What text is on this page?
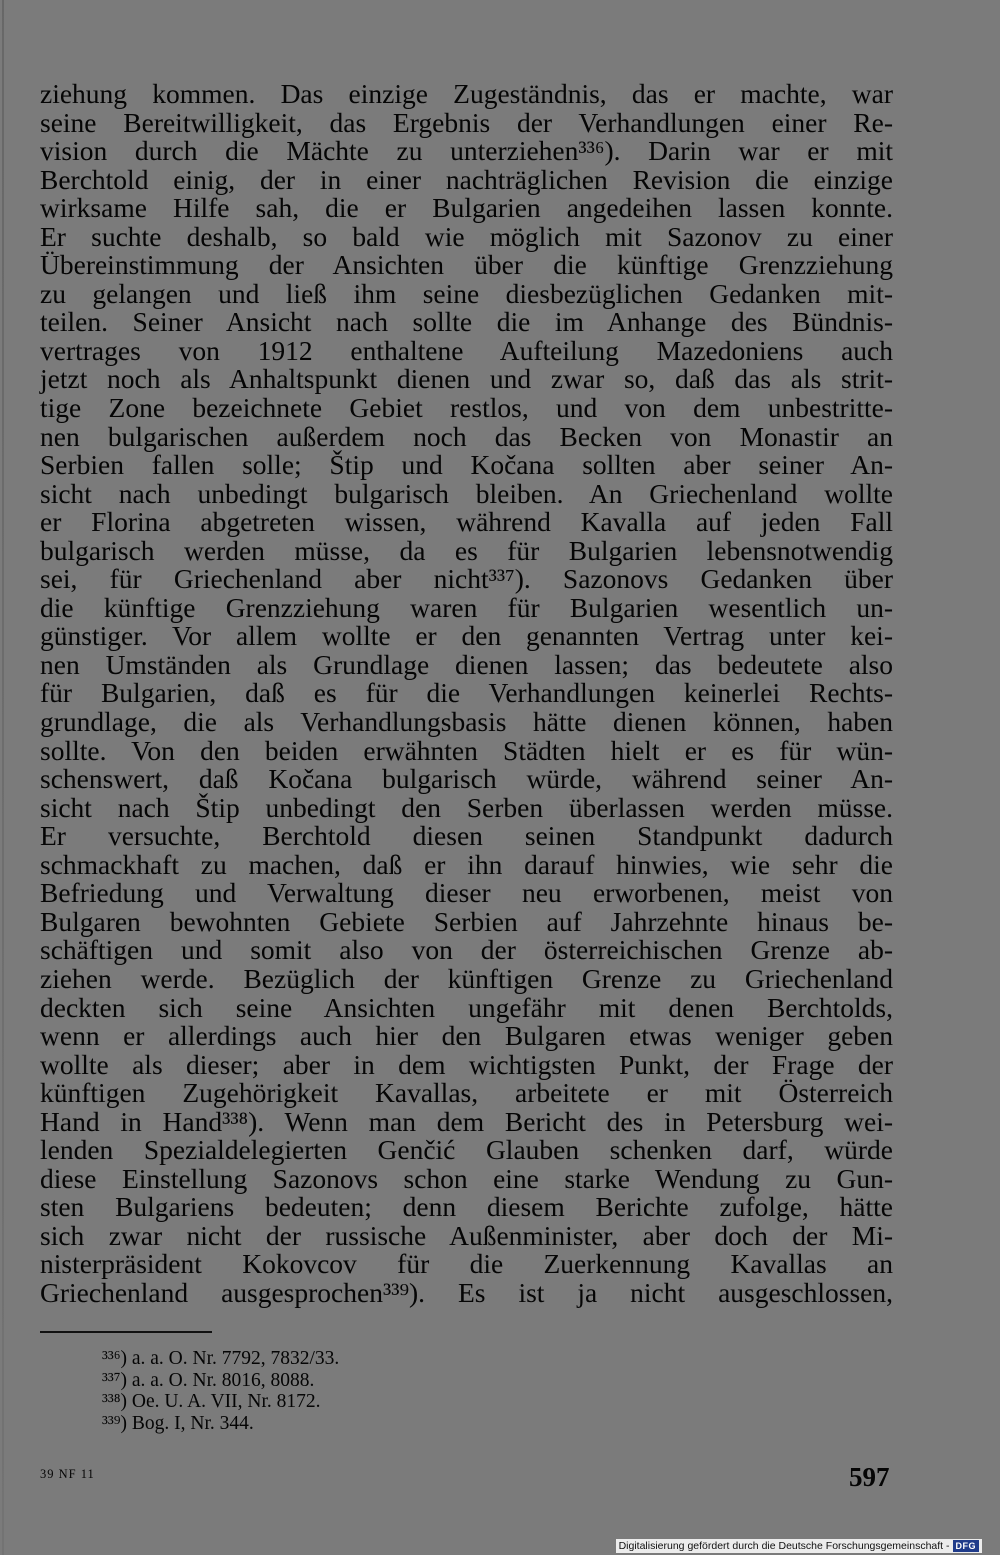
ziehung kommen. Das einzige Zugeständnis, das er machte, war
seine Bereitwilligkeit, das Ergebnis der Verhandlungen einer Re-
vision durch die Mächte zu unterziehen³³⁶). Darin war er mit
Berchtold einig, der in einer nachträglichen Revision die einzige
wirksame Hilfe sah, die er Bulgarien angedeihen lassen konnte.
Er suchte deshalb, so bald wie möglich mit Sazonov zu einer
Übereinstimmung der Ansichten über die künftige Grenzziehung
zu gelangen und ließ ihm seine diesbezüglichen Gedanken mit-
teilen. Seiner Ansicht nach sollte die im Anhange des Bündnis-
vertrages von 1912 enthaltene Aufteilung Mazedoniens auch
jetzt noch als Anhaltspunkt dienen und zwar so, daß das als strit-
tige Zone bezeichnete Gebiet restlos, und von dem unbestritte-
nen bulgarischen außerdem noch das Becken von Monastir an
Serbien fallen solle; Štip und Kočana sollten aber seiner An-
sicht nach unbedingt bulgarisch bleiben. An Griechenland wollte
er Florina abgetreten wissen, während Kavalla auf jeden Fall
bulgarisch werden müsse, da es für Bulgarien lebensnotwendig
sei, für Griechenland aber nicht³³⁷). Sazonovs Gedanken über
die künftige Grenzziehung waren für Bulgarien wesentlich un-
günstiger. Vor allem wollte er den genannten Vertrag unter kei-
nen Umständen als Grundlage dienen lassen; das bedeutete also
für Bulgarien, daß es für die Verhandlungen keinerlei Rechts-
grundlage, die als Verhandlungsbasis hätte dienen können, haben
sollte. Von den beiden erwähnten Städten hielt er es für wün-
schenswert, daß Kočana bulgarisch würde, während seiner An-
sicht nach Štip unbedingt den Serben überlassen werden müsse.
Er versuchte, Berchtold diesen seinen Standpunkt dadurch
schmackhaft zu machen, daß er ihn darauf hinwies, wie sehr die
Befriedung und Verwaltung dieser neu erworbenen, meist von
Bulgaren bewohnten Gebiete Serbien auf Jahrzehnte hinaus be-
schäftigen und somit also von der österreichischen Grenze ab-
ziehen werde. Bezüglich der künftigen Grenze zu Griechenland
deckten sich seine Ansichten ungefähr mit denen Berchtolds,
wenn er allerdings auch hier den Bulgaren etwas weniger geben
wollte als dieser; aber in dem wichtigsten Punkt, der Frage der
künftigen Zugehörigkeit Kavallas, arbeitete er mit Österreich
Hand in Hand³³⁸). Wenn man dem Bericht des in Petersburg wei-
lenden Spezialdelegierten Genčić Glauben schenken darf, würde
diese Einstellung Sazonovs schon eine starke Wendung zu Gun-
sten Bulgariens bedeuten; denn diesem Berichte zufolge, hätte
sich zwar nicht der russische Außenminister, aber doch der Mi-
nisterpräsident Kokovcov für die Zuerkennung Kavallas an
Griechenland ausgesprochen³³⁹). Es ist ja nicht ausgeschlossen,
³³⁶) a. a. O. Nr. 7792, 7832/33.
³³⁷) a. a. O. Nr. 8016, 8088.
³³⁸) Oe. U. A. VII, Nr. 8172.
³³⁹) Bog. I, Nr. 344.
39 NF 11	597
Digitalisierung gefördert durch die Deutsche Forschungsgemeinschaft - DFG
